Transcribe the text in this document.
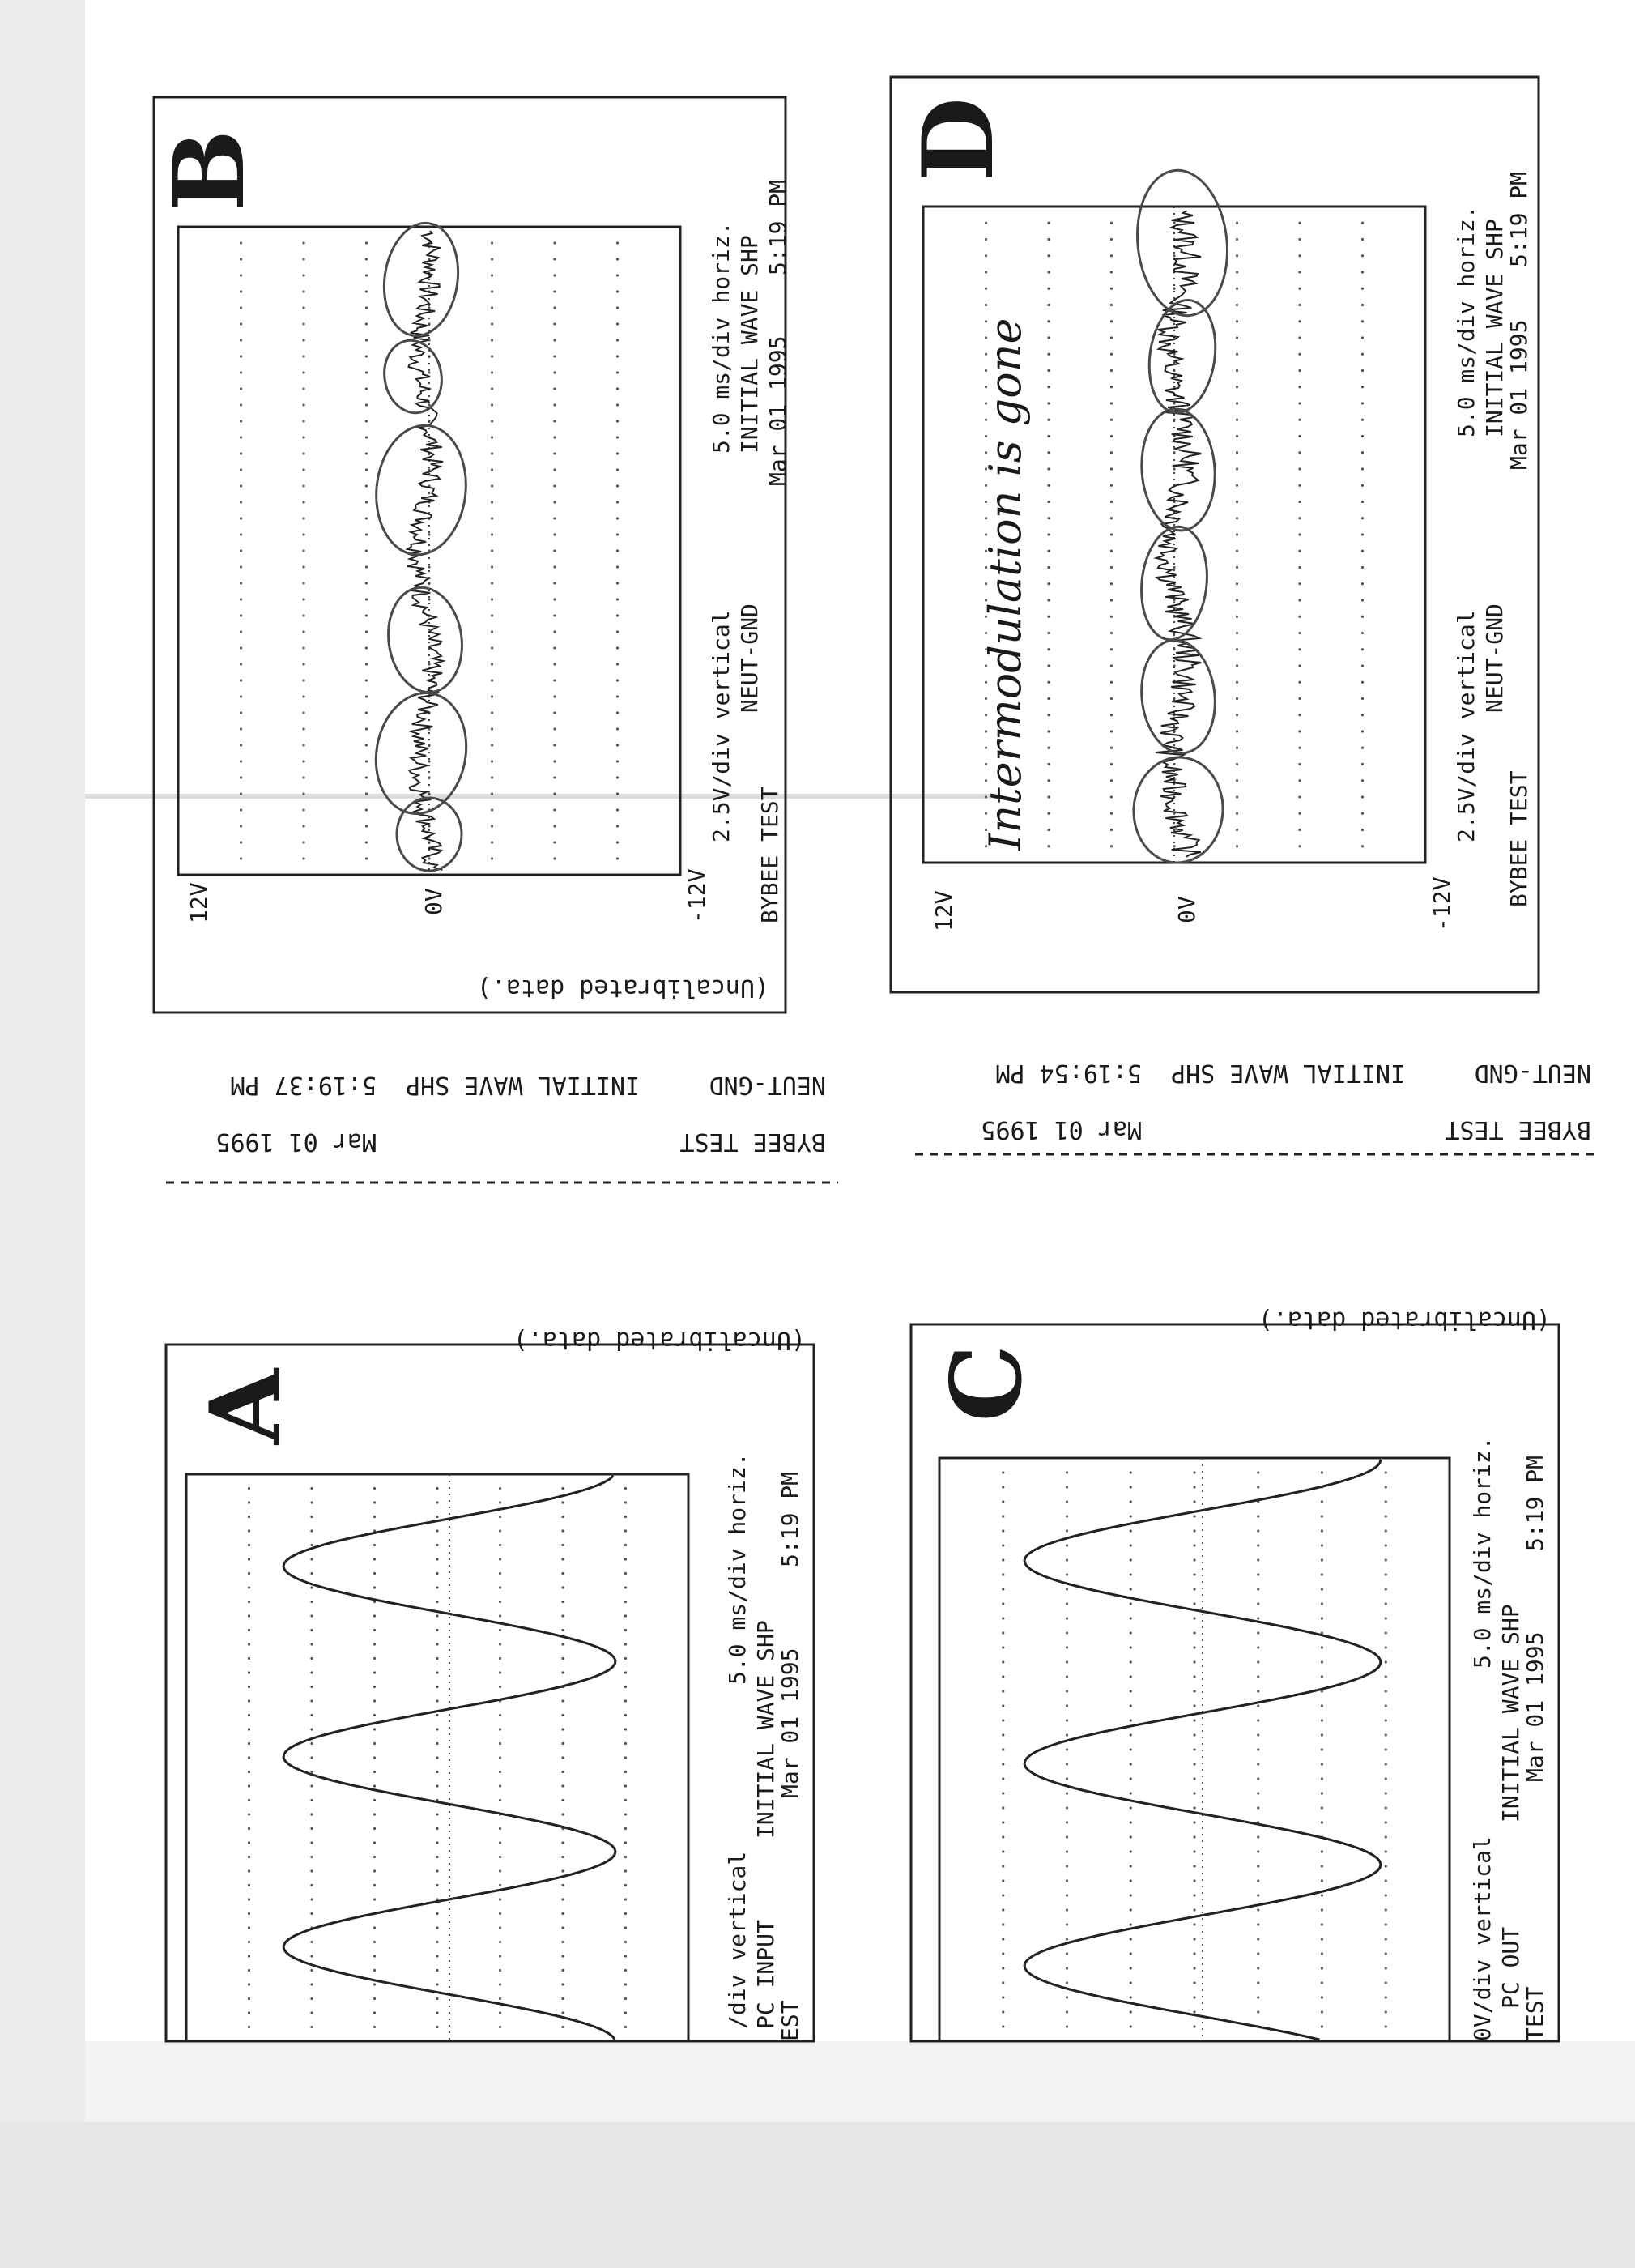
B
(Uncalibrated data.)
12V	0V	-12V
2.5V/div vertical
5.0 ms/div horiz.
NEUT-GND
INITIAL WAVE SHP
BYBEE TEST
Mar 01 1995
5:19 PM
D
Intermodulation is gone
12V	0V	-12V
2.5V/div vertical
5.0 ms/div horiz.
NEUT-GND
INITIAL WAVE SHP
BYBEE TEST
Mar 01 1995
5:19 PM
NEUT-GND
INITIAL WAVE SHP
5:19:37 PM
BYBEE TEST
Mar 01 1995
NEUT-GND
INITIAL WAVE SHP
5:19:54 PM
BYBEE TEST
Mar 01 1995
A
(Uncalibrated data.)
/div vertical
5.0 ms/div horiz.
PC INPUT
INITIAL WAVE SHP
EST
Mar 01 1995
5:19 PM
C
(Uncalibrated data.)
0V/div vertical
5.0 ms/div horiz.
PC OUT
INITIAL WAVE SHP
TEST
Mar 01 1995
5:19 PM
